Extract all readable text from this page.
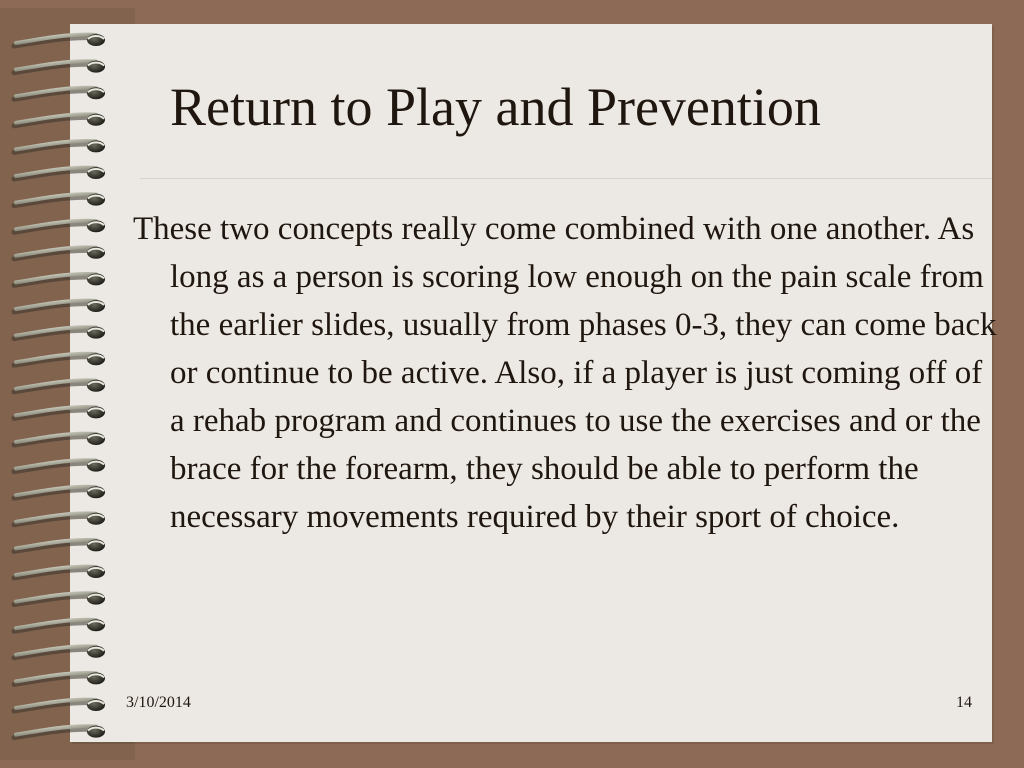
Return to Play and Prevention

These two concepts really come combined with one another. As long as a person is scoring low enough on the pain scale from the earlier slides, usually from phases 0-3, they can come back or continue to be active. Also, if a player is just coming off of a rehab program and continues to use the exercises and or the brace for the forearm, they should be able to perform the necessary movements required by their sport of choice.

3/10/2014	14
